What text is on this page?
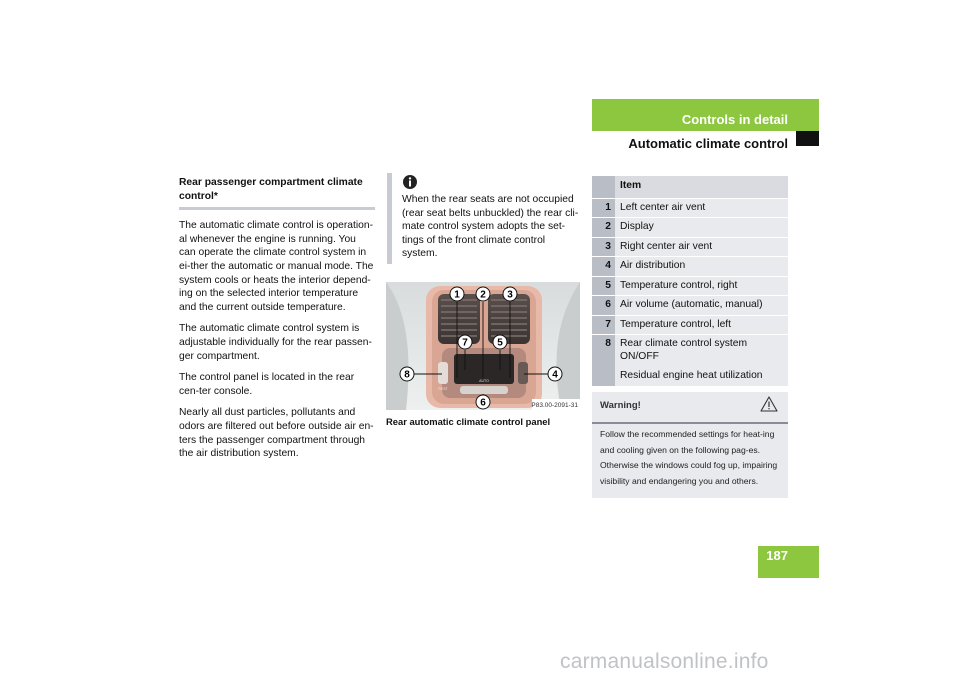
Controls in detail
Automatic climate control
Rear passenger compartment climate control*

The automatic climate control is operation-al whenever the engine is running. You can operate the climate control system in ei-ther the automatic or manual mode. The system cools or heats the interior depend-ing on the selected interior temperature and the current outside temperature.

The automatic climate control system is adjustable individually for the rear passen-ger compartment.

The control panel is located in the rear cen-ter console.

Nearly all dust particles, pollutants and odors are filtered out before outside air en-ters the passenger compartment through the air distribution system.

When the rear seats are not occupied (rear seat belts unbuckled) the rear cli-mate control system adopts the set-tings of the front climate control system.
1 2 3
7	5
8	4
6
REST
AUTO
P83.00-2091-31
Rear automatic climate control panel
Item
1 Left center air vent
2 Display
3 Right center air vent
4 Air distribution
5 Temperature control, right
6 Air volume (automatic, manual)
7 Temperature control, left
8 Rear climate control system ON/OFF
Residual engine heat utilization
Warning!
Follow the recommended settings for heat-ing and cooling given on the following pag-es. Otherwise the windows could fog up, impairing visibility and endangering you and others.
187
carmanualsonline.info
